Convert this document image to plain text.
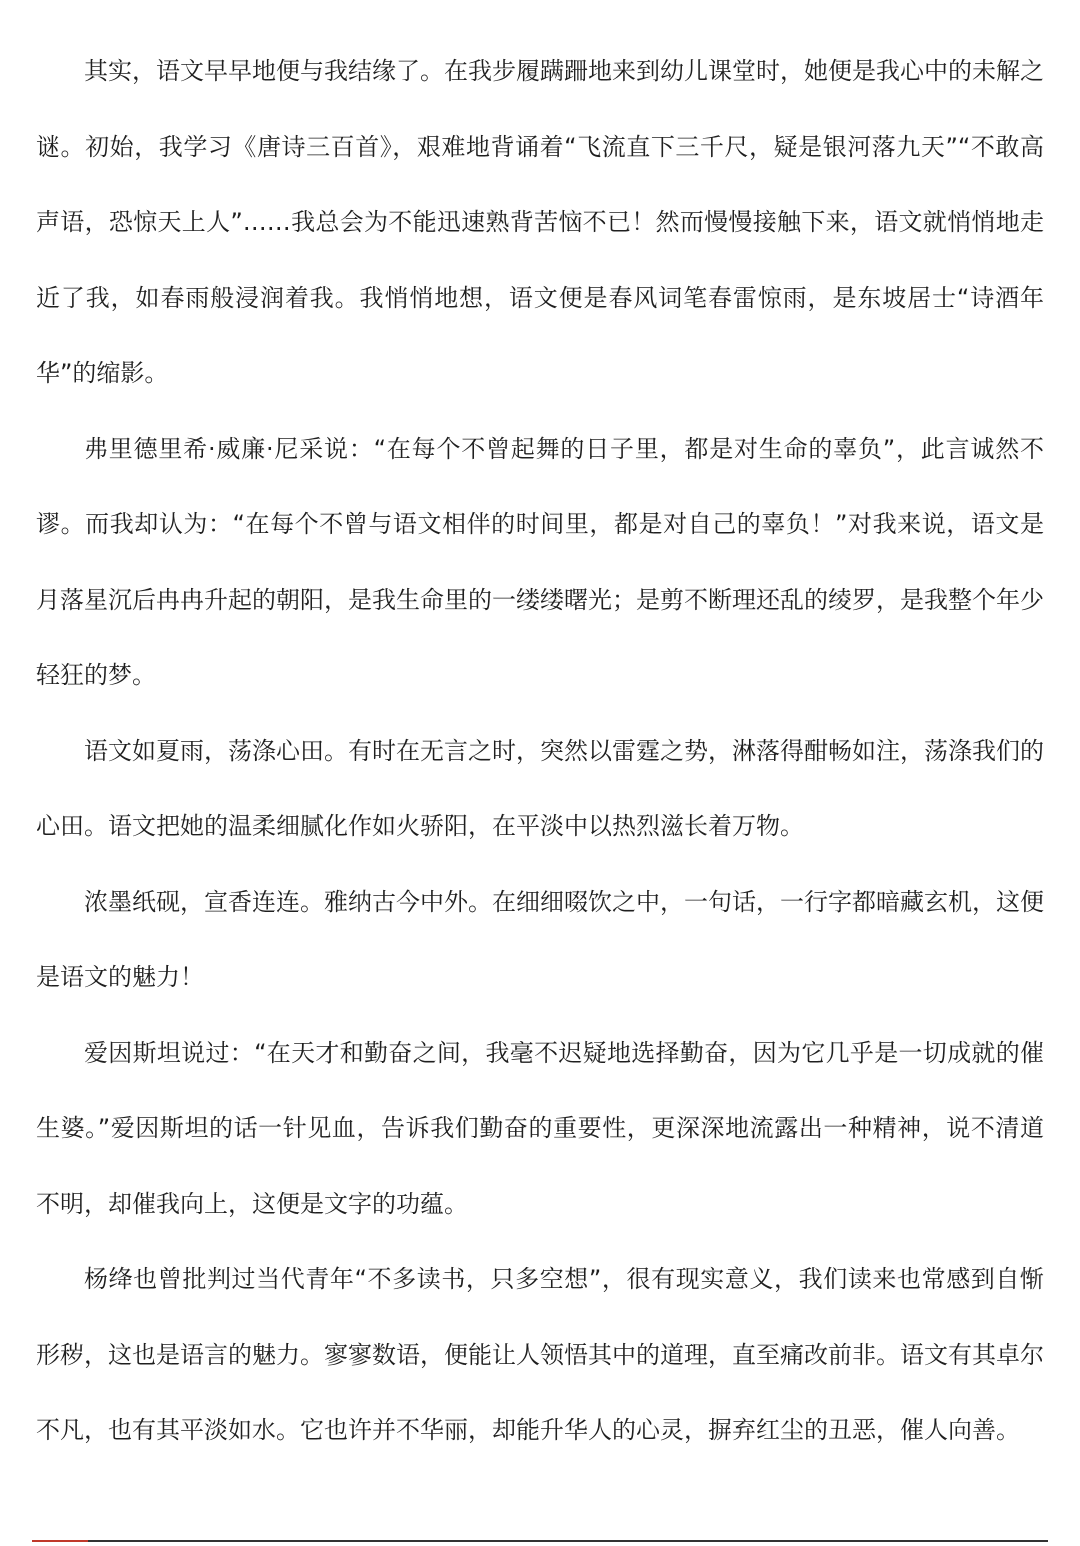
其实，语文早早地便与我结缘了。在我步履蹒跚地来到幼儿课堂时，她便是我心中的未解之谜。初始，我学习《唐诗三百首》，艰难地背诵着“飞流直下三千尺，疑是银河落九天”“不敢高声语，恐惊天上人”……我总会为不能迅速熟背苦恼不已！然而慢慢接触下来，语文就悄悄地走近了我，如春雨般浸润着我。我悄悄地想，语文便是春风词笔春雷惊雨，是东坡居士“诗酒年华”的缩影。

弗里德里希·威廉·尼采说：“在每个不曾起舞的日子里，都是对生命的辜负”，此言诚然不谬。而我却认为：“在每个不曾与语文相伴的时间里，都是对自己的辜负！”对我来说，语文是月落星沉后冉冉升起的朝阳，是我生命里的一缕缕曙光；是剪不断理还乱的绫罗，是我整个年少轻狂的梦。

语文如夏雨，荡涤心田。有时在无言之时，突然以雷霆之势，淋落得酣畅如注，荡涤我们的心田。语文把她的温柔细腻化作如火骄阳，在平淡中以热烈滋长着万物。

浓墨纸砚，宣香连连。雅纳古今中外。在细细啜饮之中，一句话，一行字都暗藏玄机，这便是语文的魅力！

爱因斯坦说过：“在天才和勤奋之间，我毫不迟疑地选择勤奋，因为它几乎是一切成就的催生婆。”爱因斯坦的话一针见血，告诉我们勤奋的重要性，更深深地流露出一种精神，说不清道不明，却催我向上，这便是文字的功蕴。

杨绛也曾批判过当代青年“不多读书，只多空想”，很有现实意义，我们读来也常感到自惭形秽，这也是语言的魅力。寥寥数语，便能让人领悟其中的道理，直至痛改前非。语文有其卓尔不凡，也有其平淡如水。它也许并不华丽，却能升华人的心灵，摒弃红尘的丑恶，催人向善。
